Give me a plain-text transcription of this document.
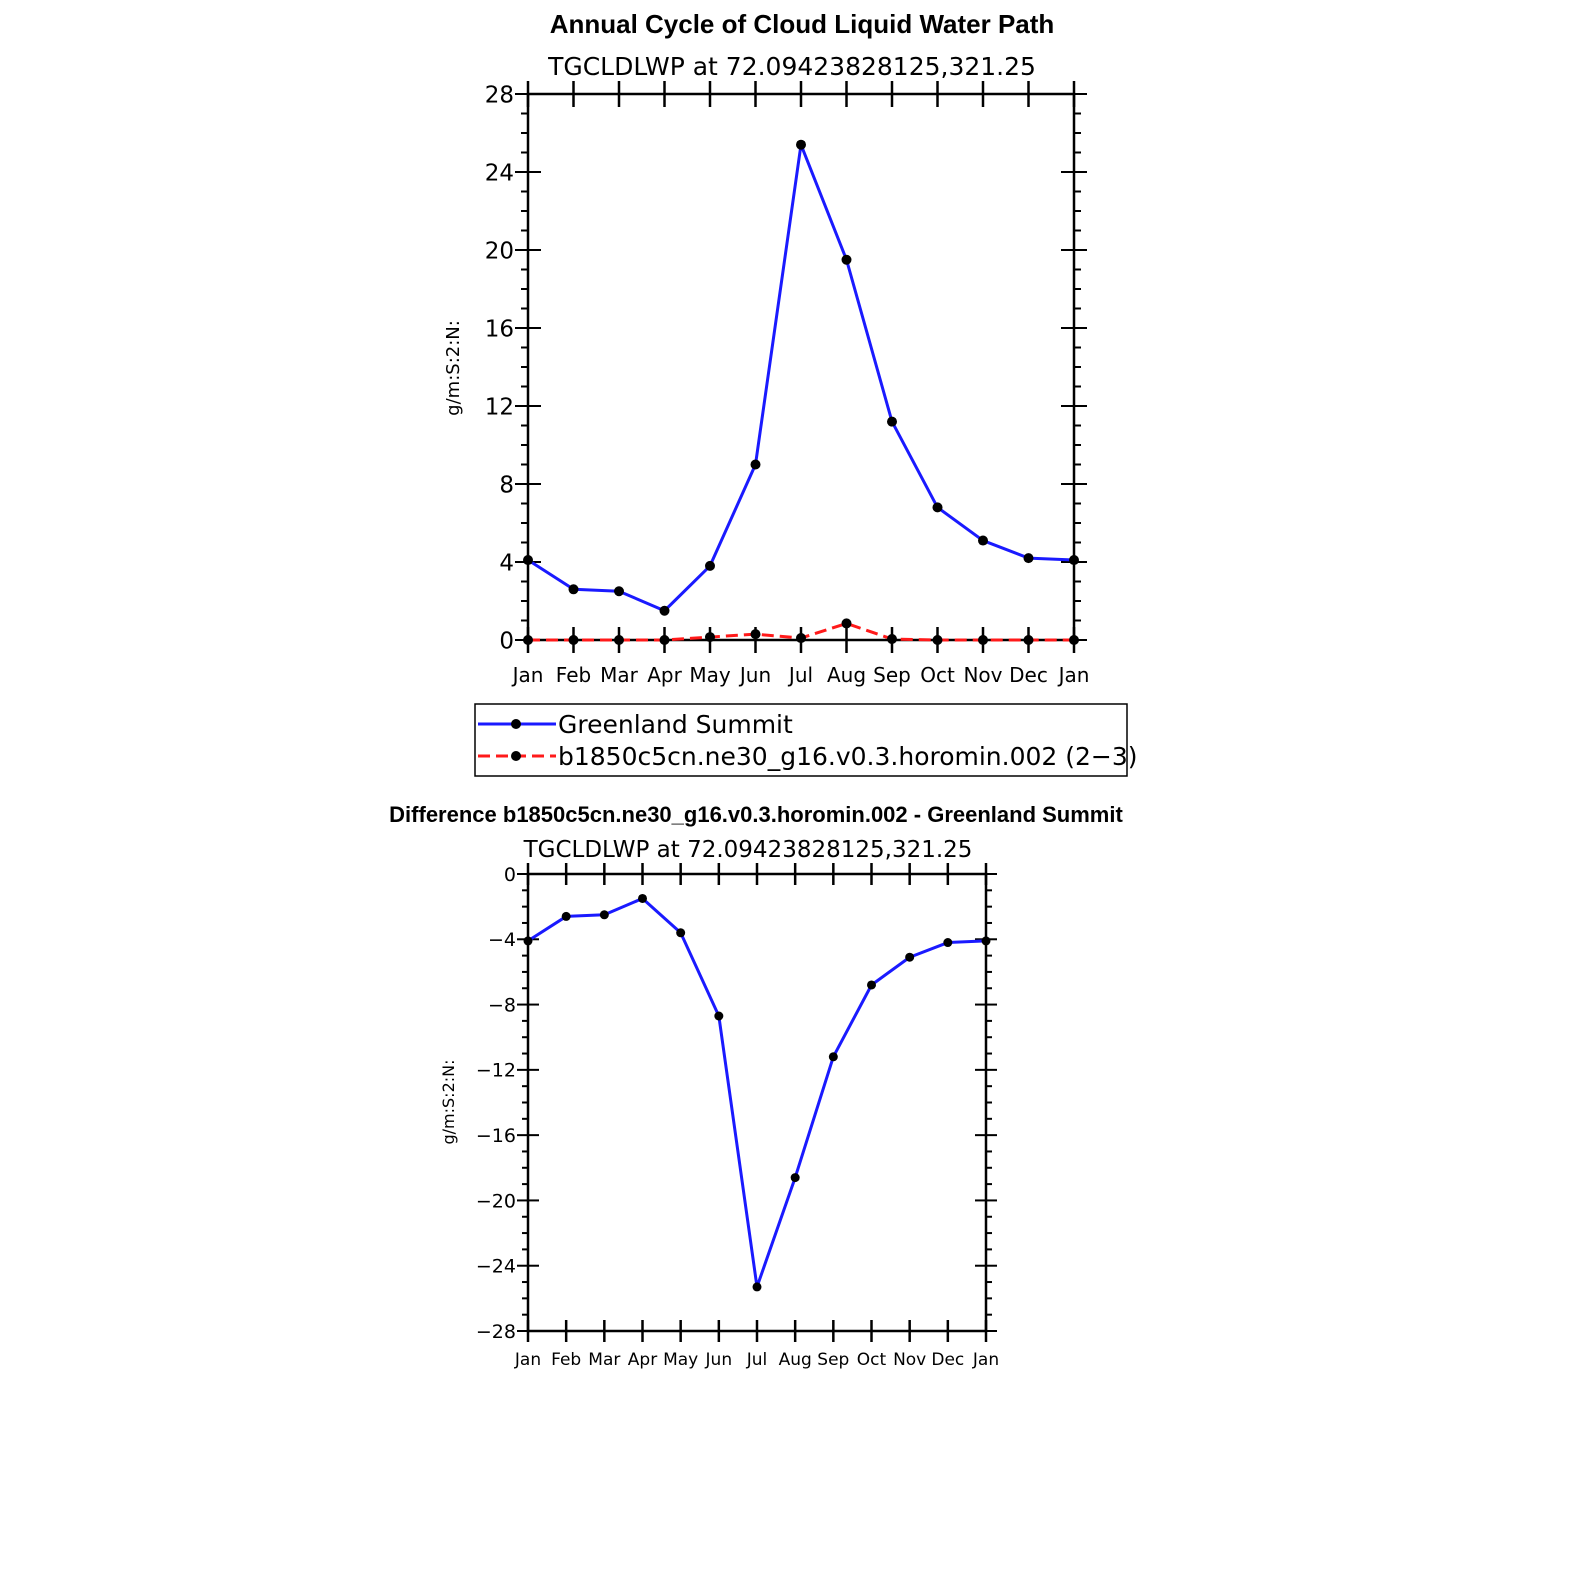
Annual Cycle of Cloud Liquid Water Path
TGCLDLWP at 72.09423828125,321.25
g/m:S:2:N:
Jan Feb Mar Apr May Jun Jul Aug Sep Oct Nov Dec Jan
0
4
8
12
16
20
24
28
Greenland Summit
b1850c5cn.ne30_g16.v0.3.horomin.002 (2−3)
Difference b1850c5cn.ne30_g16.v0.3.horomin.002 - Greenland Summit
TGCLDLWP at 72.09423828125,321.25
g/m:S:2:N:
Jan Feb Mar Apr May Jun Jul Aug Sep Oct Nov Dec Jan
0
−4
−8
−12
−16
−20
−24
−28
